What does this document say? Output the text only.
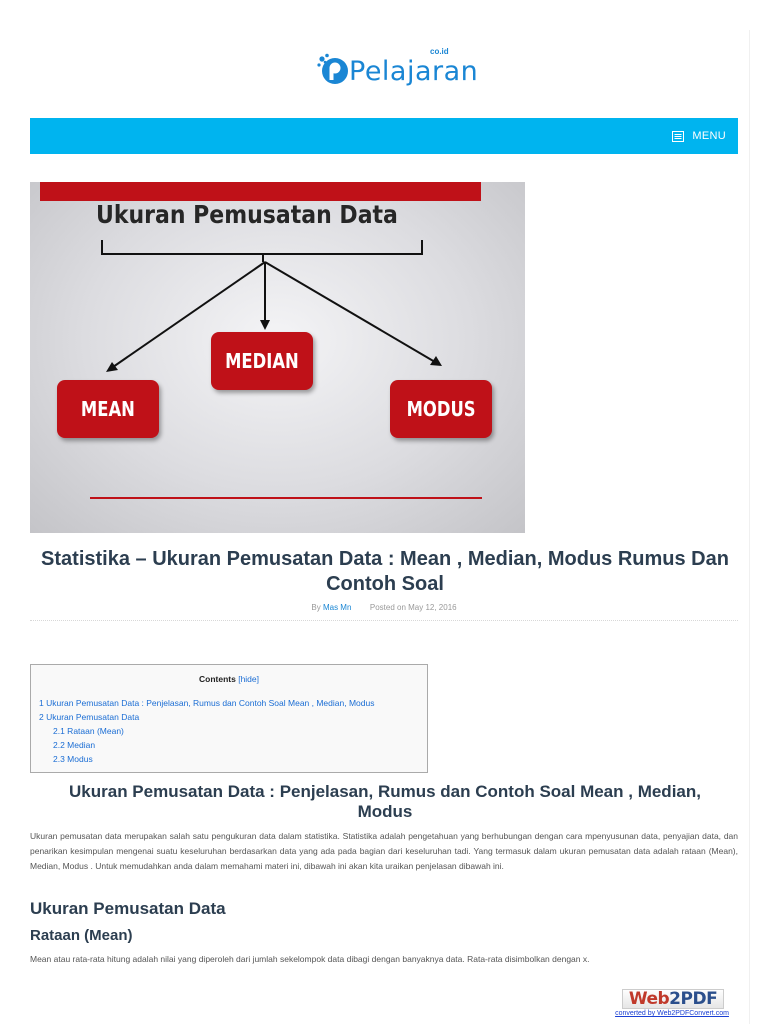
Pelajaran
co.id
MENU
Ukuran Pemusatan Data
MEDIAN
MEAN	MODUS
Statistika – Ukuran Pemusatan Data : Mean , Median, Modus Rumus Dan Contoh Soal
By Mas Mn Posted on May 12, 2016
Contents [hide]
1 Ukuran Pemusatan Data : Penjelasan, Rumus dan Contoh Soal Mean , Median, Modus
2 Ukuran Pemusatan Data
2.1 Rataan (Mean)
2.2 Median
2.3 Modus
Ukuran Pemusatan Data : Penjelasan, Rumus dan Contoh Soal Mean , Median, Modus

Ukuran pemusatan data merupakan salah satu pengukuran data dalam statistika. Statistika adalah pengetahuan yang berhubungan dengan cara mpenyusunan data, penyajian data, dan penarikan kesimpulan mengenai suatu keseluruhan berdasarkan data yang ada pada bagian dari keseluruhan tadi. Yang termasuk dalam ukuran pemusatan data adalah rataan (Mean), Median, Modus . Untuk memudahkan anda dalam memahami materi ini, dibawah ini akan kita uraikan penjelasan dibawah ini.

Ukuran Pemusatan Data
Rataan (Mean)

Mean atau rata-rata hitung adalah nilai yang diperoleh dari jumlah sekelompok data dibagi dengan banyaknya data. Rata-rata disimbolkan dengan x.

Web2PDF
converted by Web2PDFConvert.com
